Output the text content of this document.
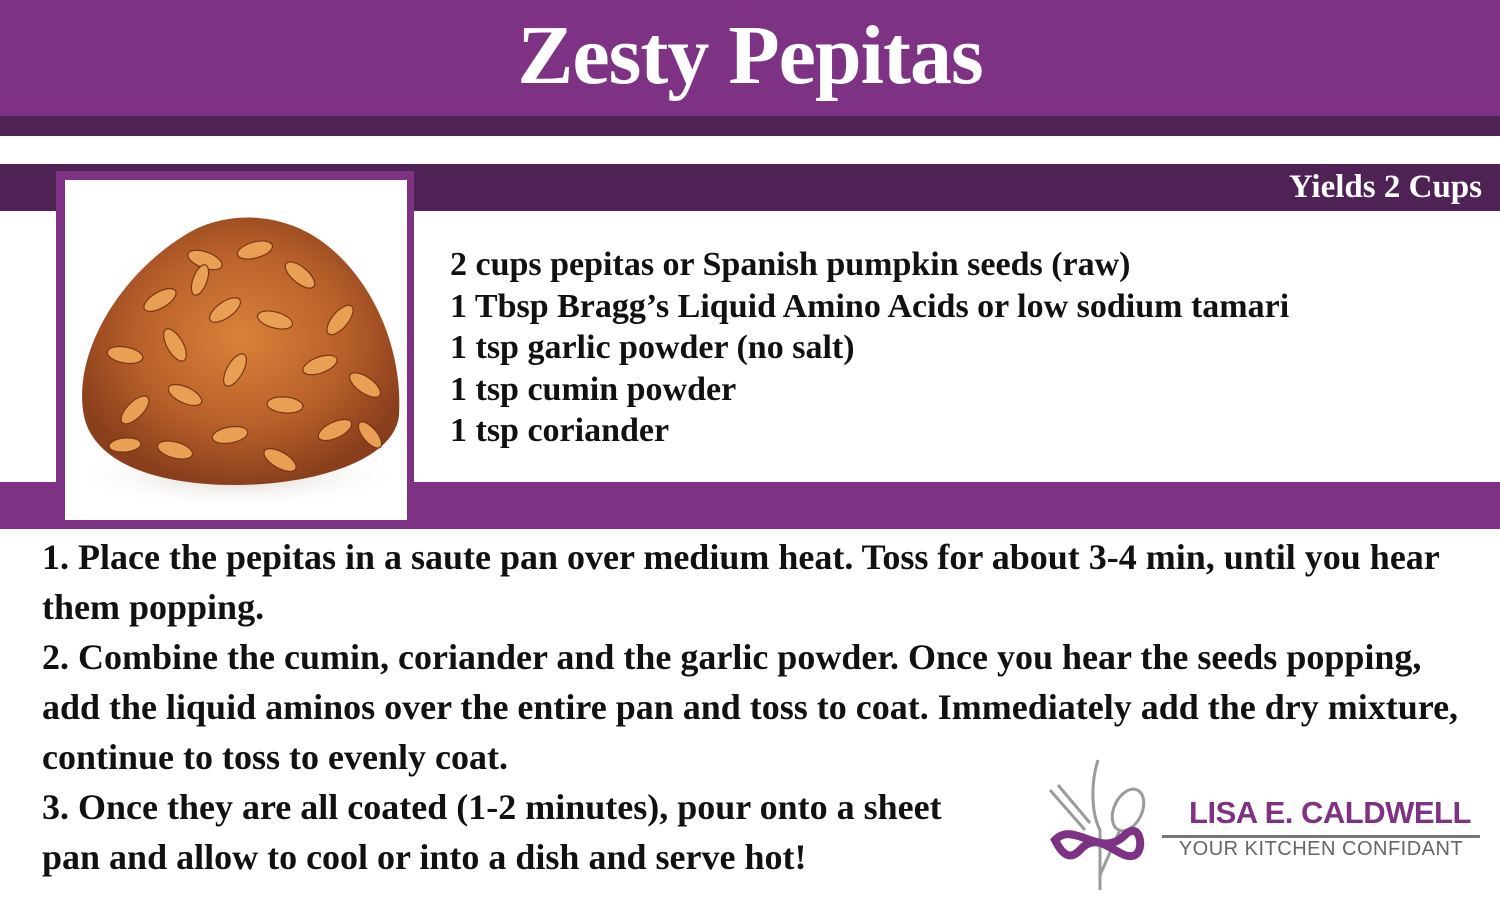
Zesty Pepitas
Yields 2 Cups
2 cups pepitas or Spanish pumpkin seeds (raw)
1 Tbsp Bragg’s Liquid Amino Acids or low sodium tamari
1 tsp garlic powder (no salt)
1 tsp cumin powder
1 tsp coriander
1. Place the pepitas in a saute pan over medium heat. Toss for about 3-4 min, until you hear them popping.
2. Combine the cumin, coriander and the garlic powder. Once you hear the seeds popping, add the liquid aminos over the entire pan and toss to coat. Immediately add the dry mixture, continue to toss to evenly coat.
3. Once they are all coated (1-2 minutes), pour onto a sheet pan and allow to cool or into a dish and serve hot!
LISA E. CALDWELL
YOUR KITCHEN CONFIDANT
